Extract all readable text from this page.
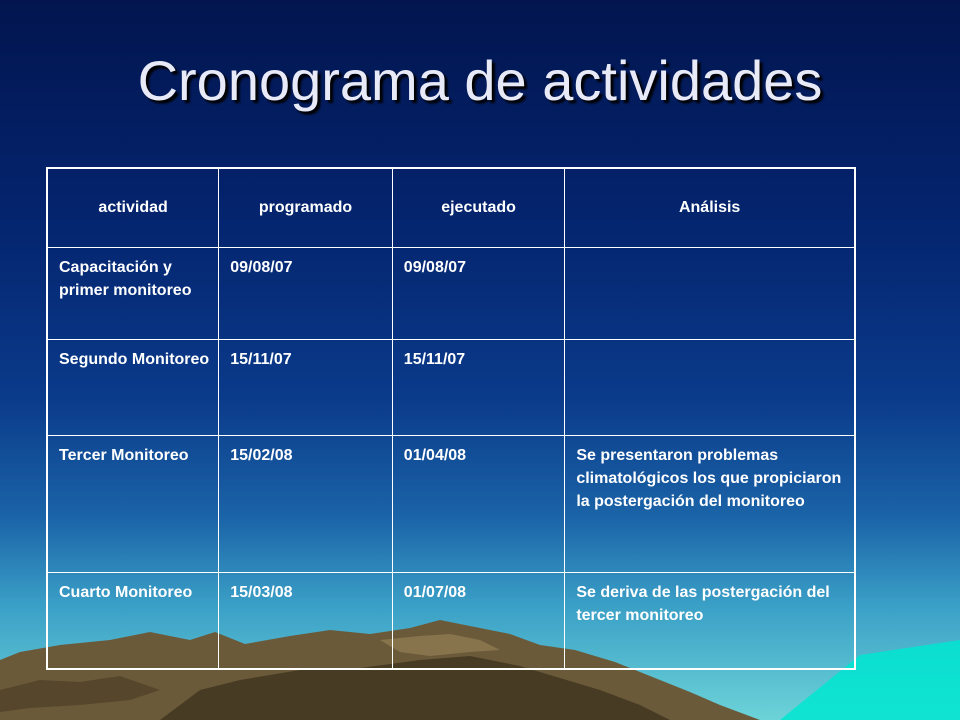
Cronograma de actividades
actividad	programado	ejecutado	Análisis
Capacitación y primer monitoreo	09/08/07	09/08/07	
Segundo Monitoreo	15/11/07	15/11/07	
Tercer Monitoreo	15/02/08	01/04/08	Se presentaron problemas climatológicos los que propiciaron la postergación del monitoreo
Cuarto Monitoreo	15/03/08	01/07/08	Se deriva de las postergación del tercer monitoreo
